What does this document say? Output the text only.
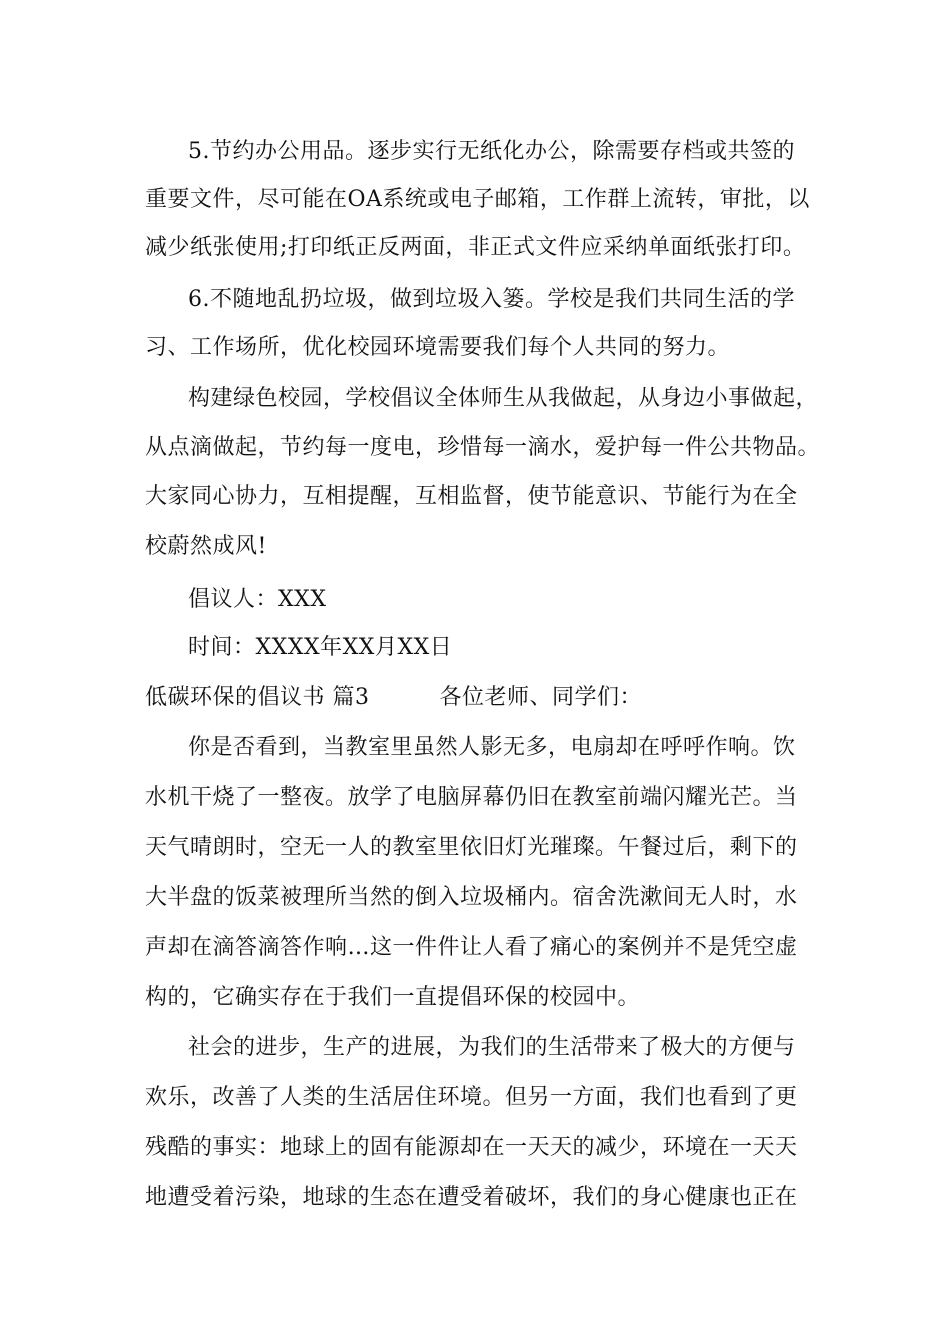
5.节约办公用品。逐步实行无纸化办公，除需要存档或共签的
重要文件，尽可能在OA系统或电子邮箱，工作群上流转，审批，以
减少纸张使用;打印纸正反两面，非正式文件应采纳单面纸张打印。
6.不随地乱扔垃圾，做到垃圾入篓。学校是我们共同生活的学
习、工作场所，优化校园环境需要我们每个人共同的努力。
构建绿色校园，学校倡议全体师生从我做起，从身边小事做起，
从点滴做起，节约每一度电，珍惜每一滴水，爱护每一件公共物品。
大家同心协力，互相提醒，互相监督，使节能意识、节能行为在全
校蔚然成风!
倡议人：XXX
时间：XXXX年XX月XX日
低碳环保的倡议书 篇3	各位老师、同学们：
你是否看到，当教室里虽然人影无多，电扇却在呼呼作响。饮
水机干烧了一整夜。放学了电脑屏幕仍旧在教室前端闪耀光芒。当
天气晴朗时，空无一人的教室里依旧灯光璀璨。午餐过后，剩下的
大半盘的饭菜被理所当然的倒入垃圾桶内。宿舍洗漱间无人时，水
声却在滴答滴答作响…这一件件让人看了痛心的案例并不是凭空虚
构的，它确实存在于我们一直提倡环保的校园中。
社会的进步，生产的进展，为我们的生活带来了极大的方便与
欢乐，改善了人类的生活居住环境。但另一方面，我们也看到了更
残酷的事实：地球上的固有能源却在一天天的减少，环境在一天天
地遭受着污染，地球的生态在遭受着破坏，我们的身心健康也正在
